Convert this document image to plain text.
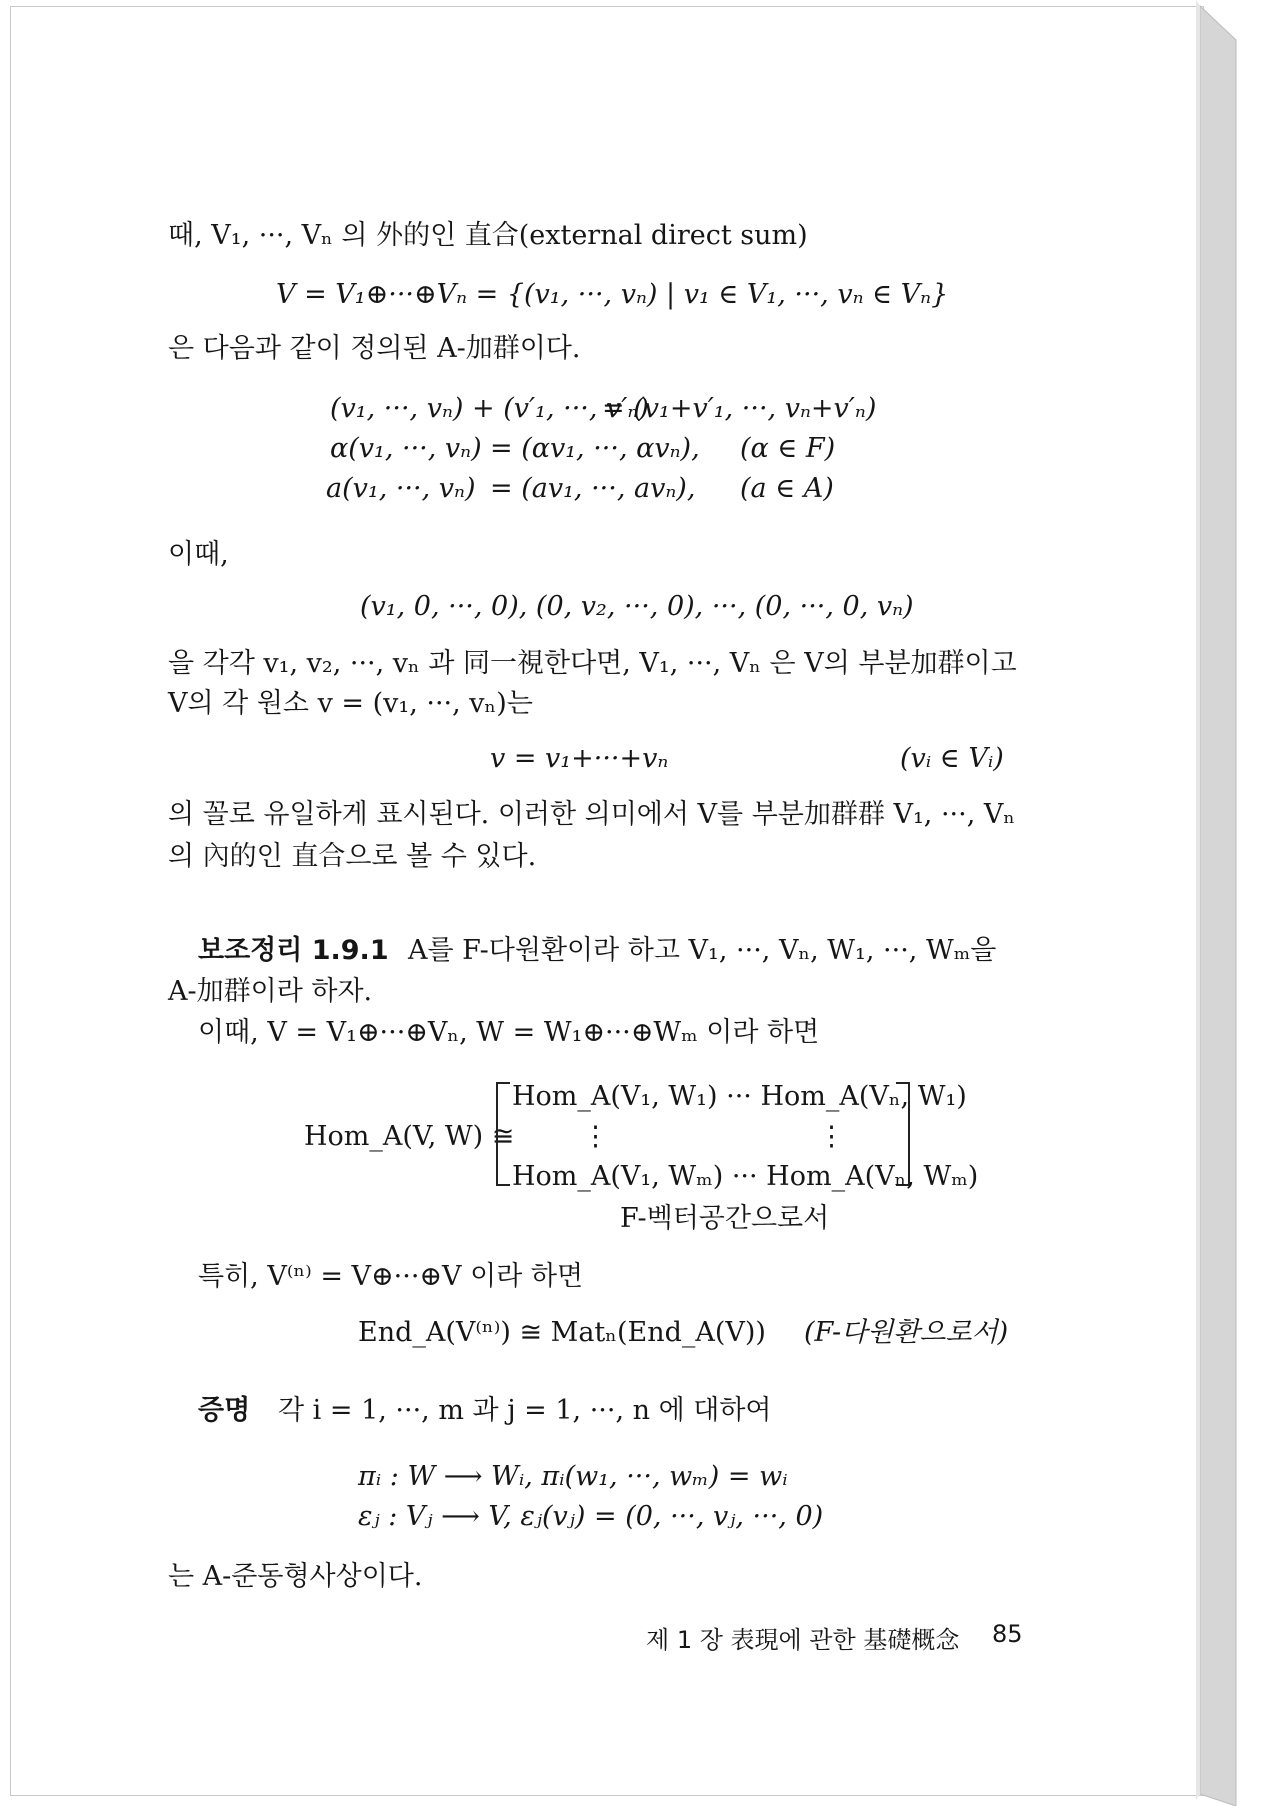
때, V₁, ···, Vₙ 의 外的인 直合(external direct sum)
V = V₁⊕···⊕Vₙ = {(v₁, ···, vₙ) | v₁ ∈ V₁, ···, vₙ ∈ Vₙ}
은 다음과 같이 정의된 A-加群이다.
(v₁, ···, vₙ) + (v′₁, ···, v′ₙ)
= (v₁+v′₁, ···, vₙ+v′ₙ)
α(v₁, ···, vₙ) = (αv₁, ···, αvₙ), (α ∈ F)
a(v₁, ···, vₙ) = (av₁, ···, avₙ), (a ∈ A)
이때,
(v₁, 0, ···, 0), (0, v₂, ···, 0), ···, (0, ···, 0, vₙ)
을 각각 v₁, v₂, ···, vₙ 과 同一視한다면, V₁, ···, Vₙ 은 V의 부분加群이고
V의 각 원소 v = (v₁, ···, vₙ)는
v = v₁+···+vₙ	(vᵢ ∈ Vᵢ)
의 꼴로 유일하게 표시된다. 이러한 의미에서 V를 부분加群群 V₁, ···, Vₙ
의 內的인 直合으로 볼 수 있다.
보조정리 1.9.1 A를 F-다원환이라 하고 V₁, ···, Vₙ, W₁, ···, Wₘ을
A-加群이라 하자.
이때, V = V₁⊕···⊕Vₙ, W = W₁⊕···⊕Wₘ 이라 하면
Hom_A(V, W) ≅
Hom_A(V₁, W₁) ··· Hom_A(Vₙ, W₁)
⋮	⋮
Hom_A(V₁, Wₘ) ··· Hom_A(Vₙ, Wₘ)
F-벡터공간으로서
특히, V⁽ⁿ⁾ = V⊕···⊕V 이라 하면
End_A(V⁽ⁿ⁾) ≅ Matₙ(End_A(V)) (F-다원환으로서)
증명 각 i = 1, ···, m 과 j = 1, ···, n 에 대하여
πᵢ : W ⟶ Wᵢ, πᵢ(w₁, ···, wₘ) = wᵢ
εⱼ : Vⱼ ⟶ V, εⱼ(vⱼ) = (0, ···, vⱼ, ···, 0)
는 A-준동형사상이다.
제 1 장 表現에 관한 基礎概念 85
